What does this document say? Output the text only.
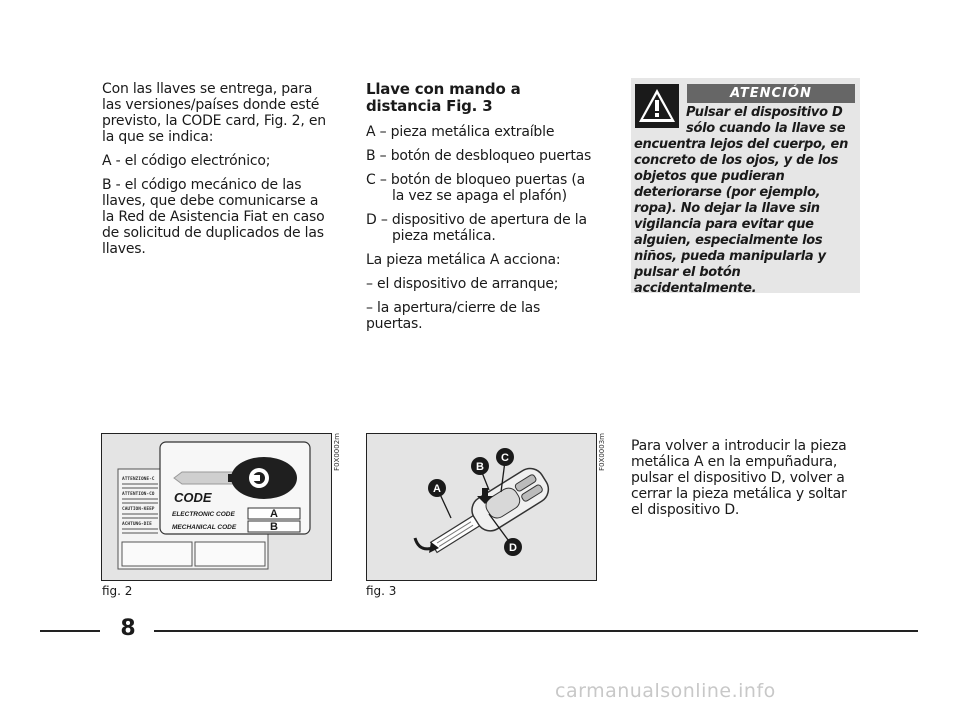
Con las llaves se entrega, para las versiones/países donde esté previsto, la CODE card, Fig. 2, en la que se indica:

A - el código electrónico;

B - el código mecánico de las llaves, que debe comunicarse a la Red de Asistencia Fiat en caso de solicitud de duplicados de las llaves.

Llave con mando a distancia Fig. 3

A – pieza metálica extraíble

B – botón de desbloqueo puertas

C – botón de bloqueo puertas (a la vez se apaga el plafón)

D – dispositivo de apertura de la pieza metálica.

La pieza metálica A acciona:

– el dispositivo de arranque;

– la apertura/cierre de las puertas.

ATENCIÓN
Pulsar el dispositivo D sólo cuando la llave se
encuentra lejos del cuerpo, en concreto de los ojos, y de los objetos que pudieran deteriorarse (por ejemplo, ropa). No dejar la llave sin vigilancia para evitar que alguien, especialmente los niños, pueda manipularla y pulsar el botón accidentalmente.
ATTENZIONE-C
ATTENTION-CO
CAUTION-KEEP
ACHTUNG-DIE
CODE
ELECTRONIC CODE
MECHANICAL CODE
A
B
F0X0002m
fig. 2
A
B
C
D
F0X0003m
fig. 3

Para volver a introducir la pieza metálica A en la empuñadura, pulsar el dispositivo D, volver a cerrar la pieza metálica y soltar el dispositivo D.

8
carmanualsonline.info
